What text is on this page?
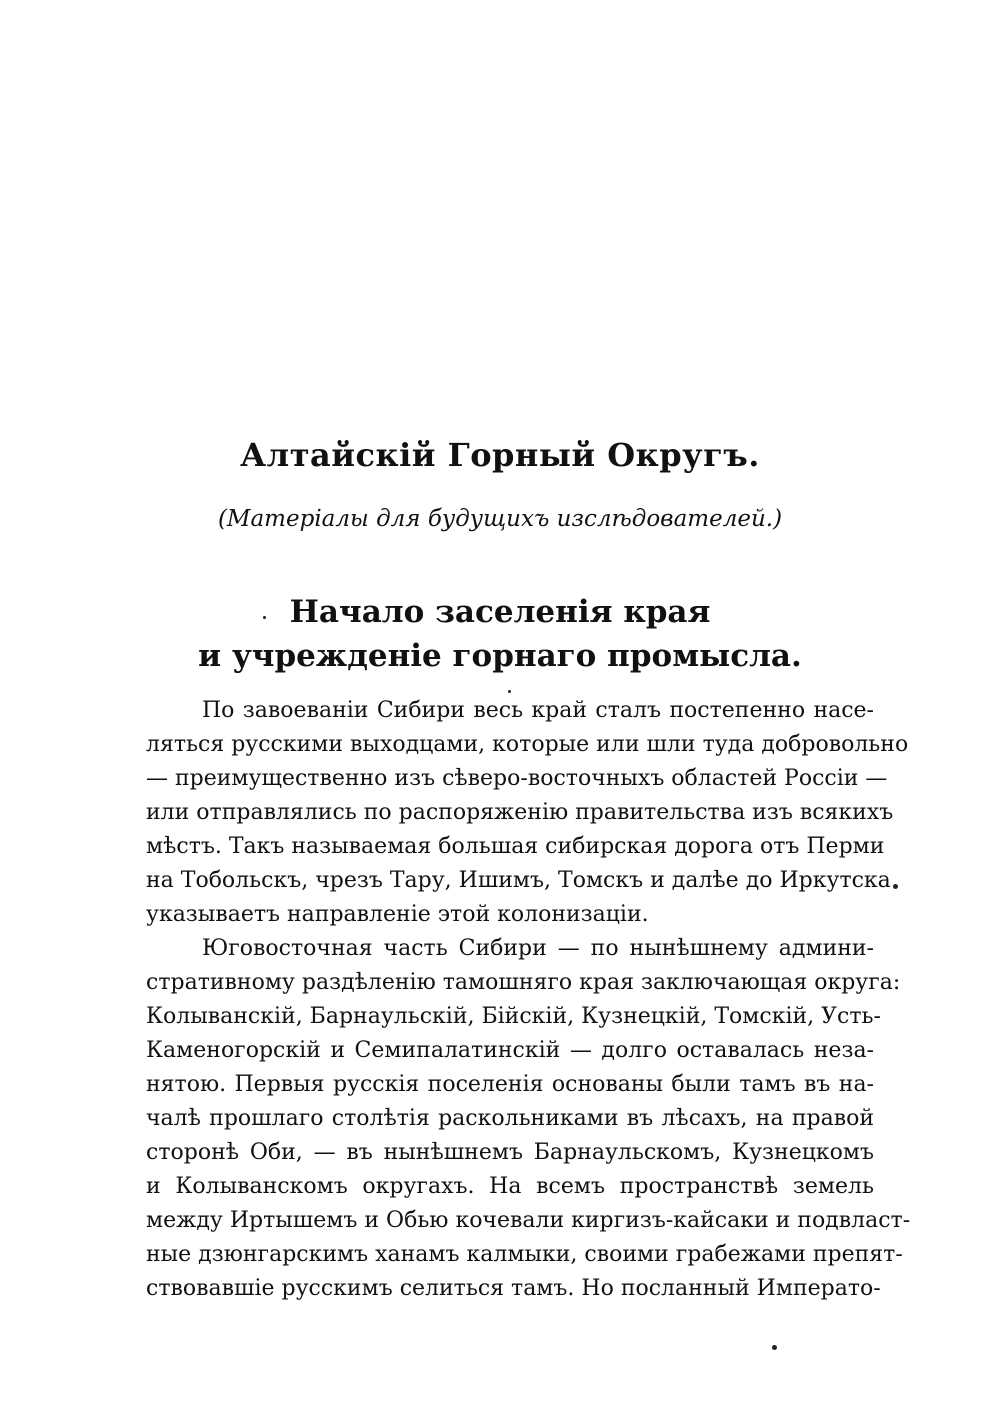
Алтайскій Горный Округъ.

(Матеріалы для будущихъ изслѣдователей.)

Начало заселенія края
и учрежденіе горнаго промысла.
По завоеваніи Сибири весь край сталъ постепенно насе-
ляться русскими выходцами, которые или шли туда добровольно
— преимущественно изъ сѣверо-восточныхъ областей Россіи —
или отправлялись по распоряженію правительства изъ всякихъ
мѣстъ. Такъ называемая большая сибирская дорога отъ Перми
на Тобольскъ, чрезъ Тару, Ишимъ, Томскъ и далѣе до Иркутска
указываетъ направленіе этой колонизаціи.
Юговосточная часть Сибири — по нынѣшнему админи-
стративному раздѣленію тамошняго края заключающая округа:
Колыванскій, Барнаульскій, Бійскій, Кузнецкій, Томскій, Усть-
Каменогорскій и Семипалатинскій — долго оставалась неза-
нятою. Первыя русскія поселенія основаны были тамъ въ на-
чалѣ прошлаго столѣтія раскольниками въ лѣсахъ, на правой
сторонѣ Оби, — въ нынѣшнемъ Барнаульскомъ, Кузнецкомъ
и Колыванскомъ округахъ. На всемъ пространствѣ земель
между Иртышемъ и Обью кочевали киргизъ-кайсаки и подвласт-
ные дзюнгарскимъ ханамъ калмыки, своими грабежами препят-
ствовавшіе русскимъ селиться тамъ. Но посланный Императо-
